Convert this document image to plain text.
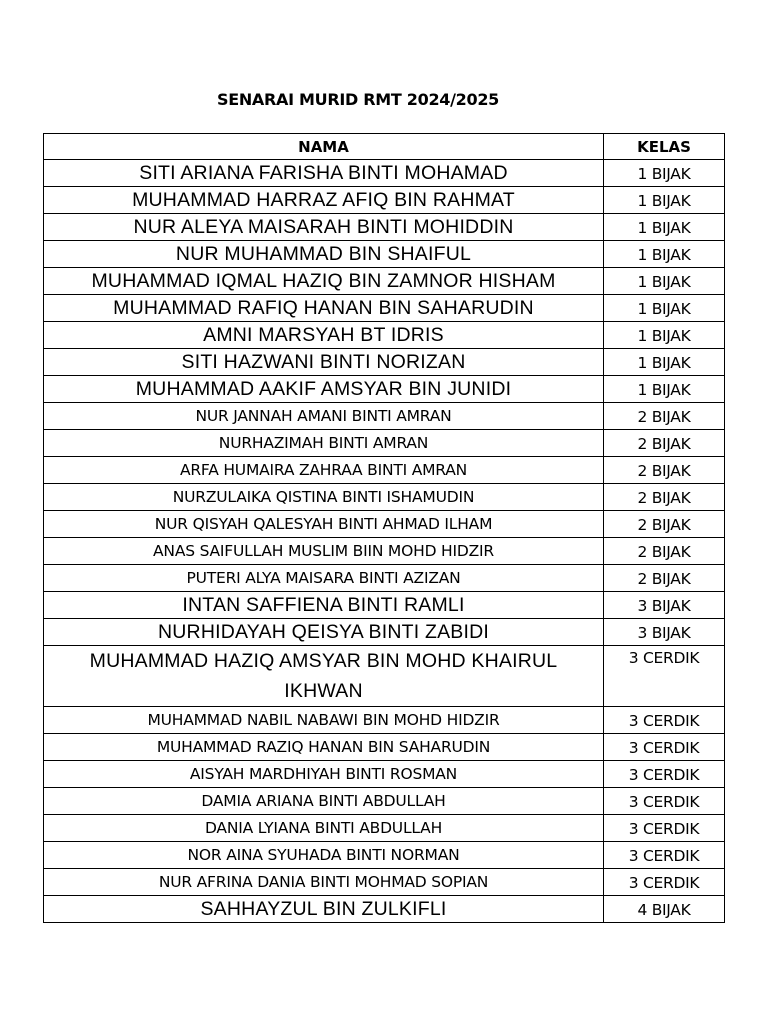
SENARAI MURID RMT 2024/2025
NAMA	KELAS
SITI ARIANA FARISHA BINTI MOHAMAD	1 BIJAK
MUHAMMAD HARRAZ AFIQ BIN RAHMAT	1 BIJAK
NUR ALEYA MAISARAH BINTI MOHIDDIN	1 BIJAK
NUR MUHAMMAD BIN SHAIFUL	1 BIJAK
MUHAMMAD IQMAL HAZIQ BIN ZAMNOR HISHAM	1 BIJAK
MUHAMMAD RAFIQ HANAN BIN SAHARUDIN	1 BIJAK
AMNI MARSYAH BT IDRIS	1 BIJAK
SITI HAZWANI BINTI NORIZAN	1 BIJAK
MUHAMMAD AAKIF AMSYAR BIN JUNIDI	1 BIJAK
NUR JANNAH AMANI BINTI AMRAN	2 BIJAK
NURHAZIMAH BINTI AMRAN	2 BIJAK
ARFA HUMAIRA ZAHRAA BINTI AMRAN	2 BIJAK
NURZULAIKA QISTINA BINTI ISHAMUDIN	2 BIJAK
NUR QISYAH QALESYAH BINTI AHMAD ILHAM	2 BIJAK
ANAS SAIFULLAH MUSLIM BIIN MOHD HIDZIR	2 BIJAK
PUTERI ALYA MAISARA BINTI AZIZAN	2 BIJAK
INTAN SAFFIENA BINTI RAMLI	3 BIJAK
NURHIDAYAH QEISYA BINTI ZABIDI	3 BIJAK
MUHAMMAD HAZIQ AMSYAR BIN MOHD KHAIRUL IKHWAN	3 CERDIK
MUHAMMAD NABIL NABAWI BIN MOHD HIDZIR	3 CERDIK
MUHAMMAD RAZIQ HANAN BIN SAHARUDIN	3 CERDIK
AISYAH MARDHIYAH BINTI ROSMAN	3 CERDIK
DAMIA ARIANA BINTI ABDULLAH	3 CERDIK
DANIA LYIANA BINTI ABDULLAH	3 CERDIK
NOR AINA SYUHADA BINTI NORMAN	3 CERDIK
NUR AFRINA DANIA BINTI MOHMAD SOPIAN	3 CERDIK
SAHHAYZUL BIN ZULKIFLI	4 BIJAK
